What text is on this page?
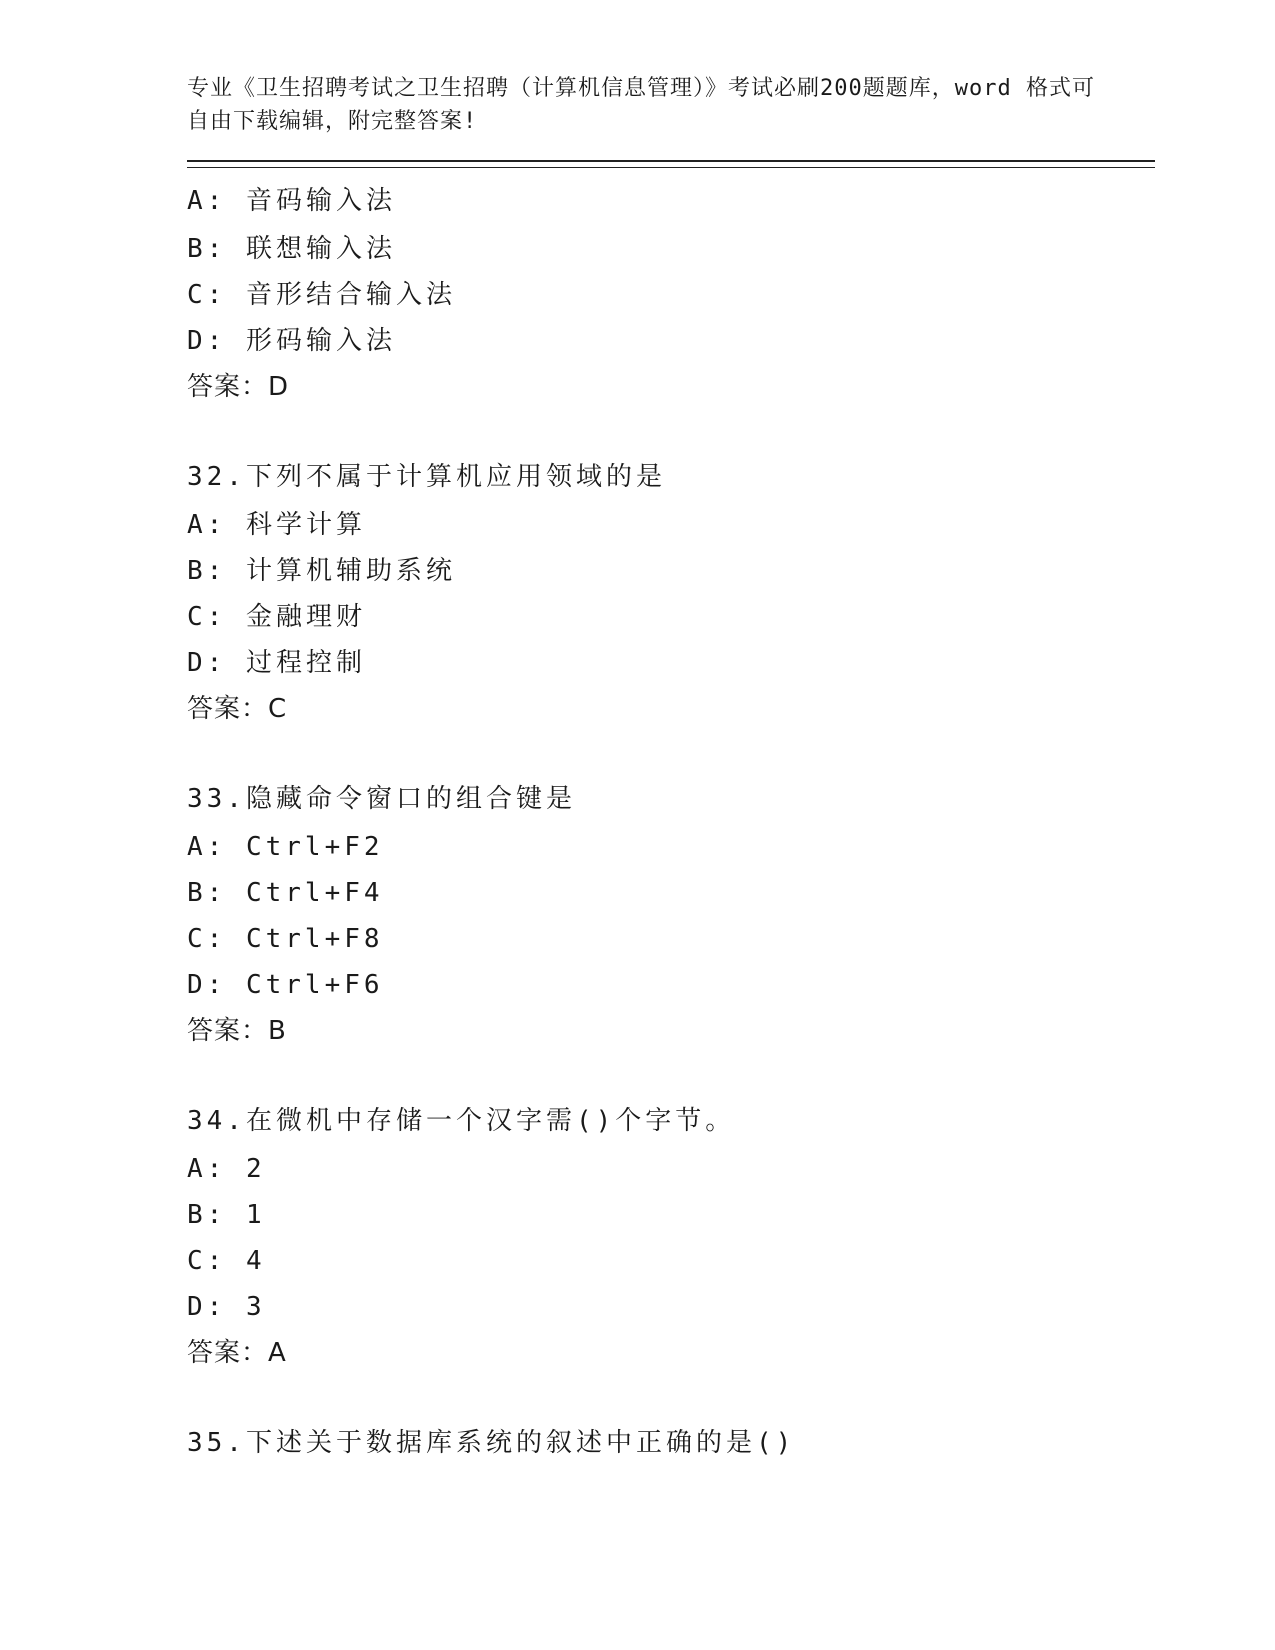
专业《卫生招聘考试之卫生招聘（计算机信息管理）》考试必刷200题题库，word 格式可自由下载编辑，附完整答案!
A: 音码输入法
B: 联想输入法
C: 音形结合输入法
D: 形码输入法
答案：D
32.下列不属于计算机应用领域的是
A: 科学计算
B: 计算机辅助系统
C: 金融理财
D: 过程控制
答案：C
33.隐藏命令窗口的组合键是
A: Ctrl+F2
B: Ctrl+F4
C: Ctrl+F8
D: Ctrl+F6
答案：B
34.在微机中存储一个汉字需()个字节。
A: 2
B: 1
C: 4
D: 3
答案：A
35.下述关于数据库系统的叙述中正确的是()
